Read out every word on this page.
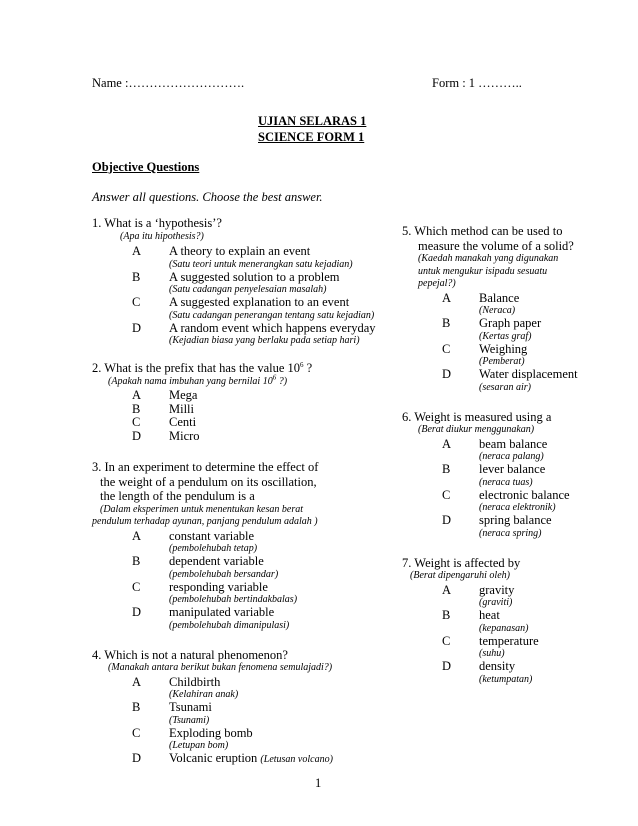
Name :……………………….	Form : 1 ………..
UJIAN SELARAS 1
SCIENCE FORM 1
Objective Questions
Answer all questions. Choose the best answer.
1. What is a ‘hypothesis’?
(Apa itu hipothesis?)
A A theory to explain an event
(Satu teori untuk menerangkan satu kejadian)
B A suggested solution to a problem
(Satu cadangan penyelesaian masalah)
C A suggested explanation to an event
(Satu cadangan penerangan tentang satu kejadian)
D A random event which happens everyday
(Kejadian biasa yang berlaku pada setiap hari)
2. What is the prefix that has the value $10^6$ ?
(Apakah nama imbuhan yang bernilai $10^6$ ?)
A Mega
B Milli
C Centi
D Micro
3. In an experiment to determine the effect of
the weight of a pendulum on its oscillation,
the length of the pendulum is a
(Dalam eksperimen untuk menentukan kesan berat
pendulum terhadap ayunan, panjang pendulum adalah )
A constant variable
(pembolehubah tetap)
B dependent variable
(pembolehubah bersandar)
C responding variable
(pembolehubah bertindakbalas)
D manipulated variable
(pembolehubah dimanipulasi)
4. Which is not a natural phenomenon?
(Manakah antara berikut bukan fenomena semulajadi?)
A Childbirth
(Kelahiran anak)
B Tsunami
(Tsunami)
C Exploding bomb
(Letupan bom)
D Volcanic eruption (Letusan volcano)
5. Which method can be used to
measure the volume of a solid?
(Kaedah manakah yang digunakan
untuk mengukur isipadu sesuatu
pepejal?)
A Balance
(Neraca)
B Graph paper
(Kertas graf)
C Weighing
(Pemberat)
D Water displacement
(sesaran air)
6. Weight is measured using a
(Berat diukur menggunakan)
A beam balance
(neraca palang)
B lever balance
(neraca tuas)
C electronic balance
(neraca elektronik)
D spring balance
(neraca spring)
7. Weight is affected by
(Berat dipengaruhi oleh)
A gravity
(graviti)
B heat
(kepanasan)
C temperature
(suhu)
D density
(ketumpatan)
1
